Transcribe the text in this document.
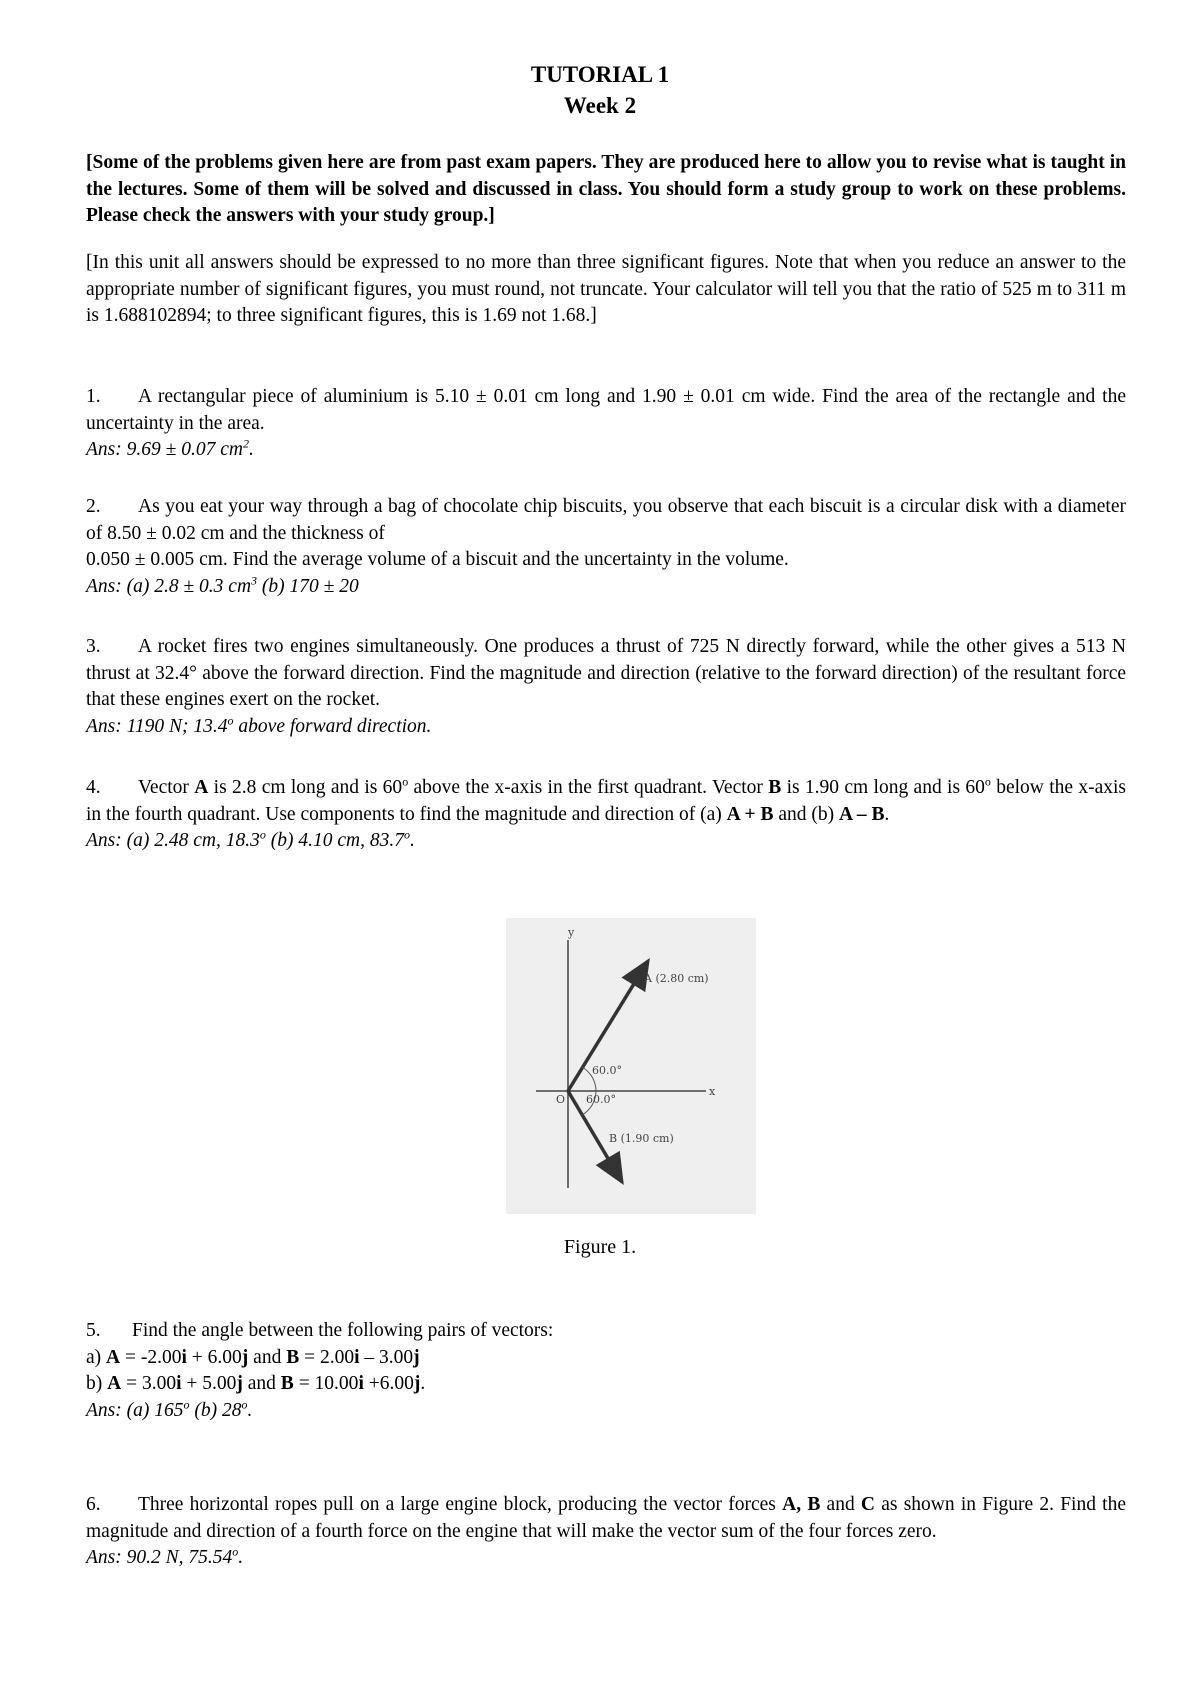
TUTORIAL 1
Week 2
[Some of the problems given here are from past exam papers. They are produced here to allow you to revise what is taught in the lectures. Some of them will be solved and discussed in class. You should form a study group to work on these problems. Please check the answers with your study group.]
[In this unit all answers should be expressed to no more than three significant figures. Note that when you reduce an answer to the appropriate number of significant figures, you must round, not truncate. Your calculator will tell you that the ratio of 525 m to 311 m is 1.688102894; to three significant figures, this is 1.69 not 1.68.]
1. A rectangular piece of aluminium is 5.10 ± 0.01 cm long and 1.90 ± 0.01 cm wide. Find the area of the rectangle and the uncertainty in the area.
Ans: 9.69 ± 0.07 $cm^2$.
2. As you eat your way through a bag of chocolate chip biscuits, you observe that each biscuit is a circular disk with a diameter of 8.50 ± 0.02 cm and the thickness of
0.050 ± 0.005 cm. Find the average volume of a biscuit and the uncertainty in the volume.
Ans: (a) 2.8 ± 0.3 $cm^3$ (b) 170 ± 20
3. A rocket fires two engines simultaneously. One produces a thrust of 725 N directly forward, while the other gives a 513 N thrust at 32.4° above the forward direction. Find the magnitude and direction (relative to the forward direction) of the resultant force that these engines exert on the rocket.
Ans: 1190 N; 13.4$^o$ above forward direction.
4. Vector A is 2.8 cm long and is 60$^o$ above the x-axis in the first quadrant. Vector B is 1.90 cm long and is 60$^o$ below the x-axis in the fourth quadrant. Use components to find the magnitude and direction of (a) A + B and (b) A – B.
Ans: (a) 2.48 cm, 18.3$^o$ (b) 4.10 cm, 83.7$^o$.
y
x
O
A (2.80 cm)
B (1.90 cm)
60.0°
60.0°
Figure 1.
5. Find the angle between the following pairs of vectors:
a) A = -2.00i + 6.00j and B = 2.00i – 3.00j
b) A = 3.00i + 5.00j and B = 10.00i +6.00j.
Ans: (a) 165$^o$ (b) 28$^o$.
6. Three horizontal ropes pull on a large engine block, producing the vector forces A, B and C as shown in Figure 2. Find the magnitude and direction of a fourth force on the engine that will make the vector sum of the four forces zero.
Ans: 90.2 N, 75.54$^o$.
